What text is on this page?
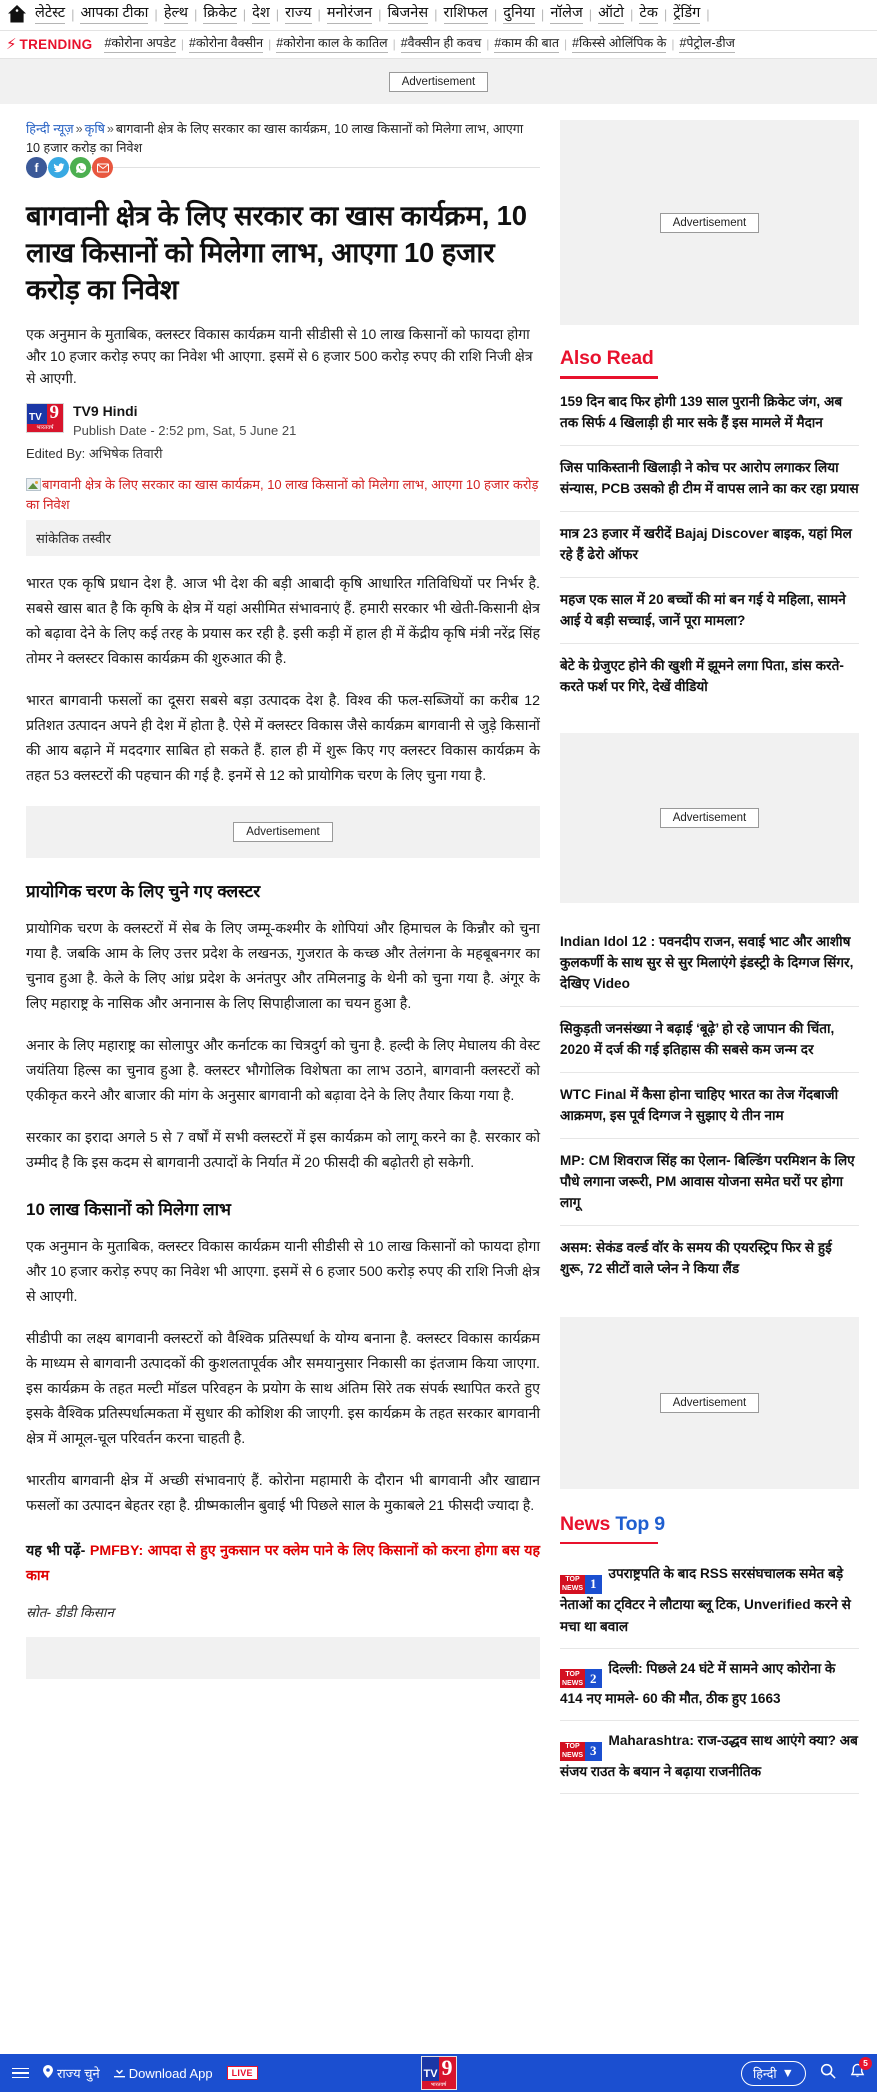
लेटेस्ट | आपका टीका | हेल्थ | क्रिकेट | देश | राज्य | मनोरंजन | बिजनेस | राशिफल | दुनिया | नॉलेज | ऑटो | टेक | ट्रेंडिंग |
⚡ TRENDING #कोरोना अपडेट | #कोरोना वैक्सीन | #कोरोना काल के कातिल | #वैक्सीन ही कवच | #काम की बात | #किस्से ओलिंपिक के | #पेट्रोल-डीज
Advertisement
हिन्दी न्यूज़ » कृषि » बागवानी क्षेत्र के लिए सरकार का खास कार्यक्रम, 10 लाख किसानों को मिलेगा लाभ, आएगा 10 हजार करोड़ का निवेश
f
बागवानी क्षेत्र के लिए सरकार का खास कार्यक्रम, 10 लाख किसानों को मिलेगा लाभ, आएगा 10 हजार करोड़ का निवेश

एक अनुमान के मुताबिक, क्लस्टर विकास कार्यक्रम यानी सीडीसी से 10 लाख किसानों को फायदा होगा और 10 हजार करोड़ रुपए का निवेश भी आएगा. इसमें से 6 हजार 500 करोड़ रुपए की राशि निजी क्षेत्र से आएगी.

TV 9
भारतवर्ष
TV9 Hindi
Publish Date - 2:52 pm, Sat, 5 June 21
Edited By: अभिषेक तिवारी
बागवानी क्षेत्र के लिए सरकार का खास कार्यक्रम, 10 लाख किसानों को मिलेगा लाभ, आएगा 10 हजार करोड़ का निवेश
सांकेतिक तस्वीर

भारत एक कृषि प्रधान देश है. आज भी देश की बड़ी आबादी कृषि आधारित गतिविधियों पर निर्भर है. सबसे खास बात है कि कृषि के क्षेत्र में यहां असीमित संभावनाएं हैं. हमारी सरकार भी खेती-किसानी क्षेत्र को बढ़ावा देने के लिए कई तरह के प्रयास कर रही है. इसी कड़ी में हाल ही में केंद्रीय कृषि मंत्री नरेंद्र सिंह तोमर ने क्लस्टर विकास कार्यक्रम की शुरुआत की है.

भारत बागवानी फसलों का दूसरा सबसे बड़ा उत्पादक देश है. विश्व की फल-सब्जियों का करीब 12 प्रतिशत उत्पादन अपने ही देश में होता है. ऐसे में क्लस्टर विकास जैसे कार्यक्रम बागवानी से जुड़े किसानों की आय बढ़ाने में मददगार साबित हो सकते हैं. हाल ही में शुरू किए गए क्लस्टर विकास कार्यक्रम के तहत 53 क्लस्टरों की पहचान की गई है. इनमें से 12 को प्रायोगिक चरण के लिए चुना गया है.

Advertisement
प्रायोगिक चरण के लिए चुने गए क्लस्टर

प्रायोगिक चरण के क्लस्टरों में सेब के लिए जम्मू-कश्मीर के शोपियां और हिमाचल के किन्नौर को चुना गया है. जबकि आम के लिए उत्तर प्रदेश के लखनऊ, गुजरात के कच्छ और तेलंगना के महबूबनगर का चुनाव हुआ है. केले के लिए आंध्र प्रदेश के अनंतपुर और तमिलनाडु के थेनी को चुना गया है. अंगूर के लिए महाराष्ट्र के नासिक और अनानास के लिए सिपाहीजाला का चयन हुआ है.

अनार के लिए महाराष्ट्र का सोलापुर और कर्नाटक का चित्रदुर्ग को चुना है. हल्दी के लिए मेघालय की वेस्ट जयंतिया हिल्स का चुनाव हुआ है. क्लस्टर भौगोलिक विशेषता का लाभ उठाने, बागवानी क्लस्टरों को एकीकृत करने और बाजार की मांग के अनुसार बागवानी को बढ़ावा देने के लिए तैयार किया गया है.

सरकार का इरादा अगले 5 से 7 वर्षों में सभी क्लस्टरों में इस कार्यक्रम को लागू करने का है. सरकार को उम्मीद है कि इस कदम से बागवानी उत्पादों के निर्यात में 20 फीसदी की बढ़ोतरी हो सकेगी.

10 लाख किसानों को मिलेगा लाभ

एक अनुमान के मुताबिक, क्लस्टर विकास कार्यक्रम यानी सीडीसी से 10 लाख किसानों को फायदा होगा और 10 हजार करोड़ रुपए का निवेश भी आएगा. इसमें से 6 हजार 500 करोड़ रुपए की राशि निजी क्षेत्र से आएगी.

सीडीपी का लक्ष्य बागवानी क्लस्टरों को वैश्विक प्रतिस्पर्धा के योग्य बनाना है. क्लस्टर विकास कार्यक्रम के माध्यम से बागवानी उत्पादकों की कुशलतापूर्वक और समयानुसार निकासी का इंतजाम किया जाएगा. इस कार्यक्रम के तहत मल्टी मॉडल परिवहन के प्रयोग के साथ अंतिम सिरे तक संपर्क स्थापित करते हुए इसके वैश्विक प्रतिस्पर्धात्मकता में सुधार की कोशिश की जाएगी. इस कार्यक्रम के तहत सरकार बागवानी क्षेत्र में आमूल-चूल परिवर्तन करना चाहती है.

भारतीय बागवानी क्षेत्र में अच्छी संभावनाएं हैं. कोरोना महामारी के दौरान भी बागवानी और खाद्यान फसलों का उत्पादन बेहतर रहा है. ग्रीष्मकालीन बुवाई भी पिछले साल के मुकाबले 21 फीसदी ज्यादा है.

यह भी पढ़ें- PMFBY: आपदा से हुए नुकसान पर क्लेम पाने के लिए किसानों को करना होगा बस यह काम
स्रोत- डीडी किसान
Advertisement
Also Read
159 दिन बाद फिर होगी 139 साल पुरानी क्रिकेट जंग, अब तक सिर्फ 4 खिलाड़ी ही मार सके हैं इस मामले में मैदान
जिस पाकिस्तानी खिलाड़ी ने कोच पर आरोप लगाकर लिया संन्यास, PCB उसको ही टीम में वापस लाने का कर रहा प्रयास
मात्र 23 हजार में खरीदें Bajaj Discover बाइक, यहां मिल रहे हैं ढेरो ऑफर
महज एक साल में 20 बच्चों की मां बन गई ये महिला, सामने आई ये बड़ी सच्चाई, जानें पूरा मामला?
बेटे के ग्रेजुएट होने की खुशी में झूमने लगा पिता, डांस करते-करते फर्श पर गिरे, देखें वीडियो
Advertisement
Indian Idol 12 : पवनदीप राजन, सवाई भाट और आशीष कुलकर्णी के साथ सुर से सुर मिलाएंगे इंडस्ट्री के दिग्गज सिंगर, देखिए Video
सिकुड़ती जनसंख्या ने बढ़ाई ‘बूढ़े’ हो रहे जापान की चिंता, 2020 में दर्ज की गई इतिहास की सबसे कम जन्म दर
WTC Final में कैसा होना चाहिए भारत का तेज गेंदबाजी आक्रमण, इस पूर्व दिग्गज ने सुझाए ये तीन नाम
MP: CM शिवराज सिंह का ऐलान- बिल्डिंग परमिशन के लिए पौधे लगाना जरूरी, PM आवास योजना समेत घरों पर होगा लागू
असम: सेकंड वर्ल्ड वॉर के समय की एयरस्ट्रिप फिर से हुई शुरू, 72 सीटों वाले प्लेन ने किया लैंड
Advertisement
News Top 9
TOP
NEWS 1
उपराष्ट्रपति के बाद RSS सरसंघचालक समेत बड़े नेताओं का ट्विटर ने लौटाया ब्लू टिक, Unverified करने से मचा था बवाल
TOP
NEWS 2
दिल्ली: पिछले 24 घंटे में सामने आए कोरोना के 414 नए मामले- 60 की मौत, ठीक हुए 1663
TOP
NEWS 3
Maharashtra: राज-उद्धव साथ आएंगे क्या? अब संजय राउत के बयान ने बढ़ाया राजनीतिक
राज्य चुने Download App	LIVE	TV 9
भारतवर्ष
हिन्दी ▼
5
